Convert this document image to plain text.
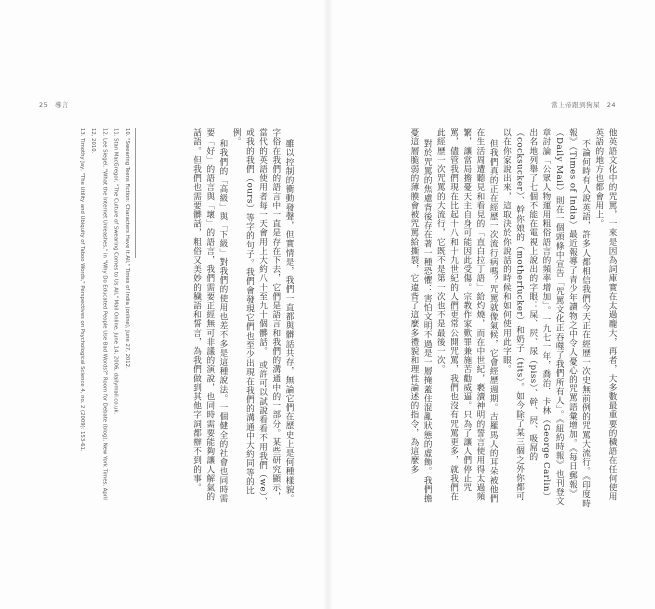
25 導言

雖以控制的衝動發聲，但實情是，我們一直都與髒話共存，無論它們在歷史上是何種樣貌。字俗在我們的語言中一直是存在下去，它們是語言和我們的溝通中的一部分。某些研究顯示，當代的英語使用者每一天會用上大約八十至九十個髒話。　或許可以試說看看不用我們（we）、或我的我們（ours）等字的句子。我們會發現它們也至少出現在我們的溝通中大約同等的比例。

和我們的「高級」與「下級」對我們的使用也差不多是這種說法。一個健全的社會也同時需要「好」的語言與「壞」的語言，我們需要正經無可非議的演說，也同時需要能夠讓人解氣的話語。但我們也需要髒話，粗俗又美妙的穢語和誓言，為我們做到其他字詞都辦不到的事。

10. "Swearing Teens Fiction: Characters Have It All," Times of India (online), June 27, 2012.

11. Stan MacGregor, "The Culture of Swearing Comes to Us All," Mail Online, June 14, 2006, dailymail.co.uk.

12. Lee Siegel, "What the Internet Unleashes," in "Why Do Educated People Use Bad Words?" Room for Debate (blog), New York Times, April 12, 2010.

13. Timothy Jay, "The Utility and Ubiquity of Taboo Words," Perspectives on Psychological Science 4, no. 2 (2009): 153-61.

當上帝跟到狗屎 24

他英語文化中的咒罵，一來是因為詞庫實在太過龐大，再者，大多數最重要的穢語在任何使用英語的地方也都會用上。

不論何時有人說英語，許多人都相信我們今天正在經歷一次史無前例的咒罵大流行。《印度時報》（Times of India）最近報導了青少年讀物之中令人憂心的咒罵語彙增加。《每日郵報》（Daily Mail）則在一個頭條中宣告「咒罵文化正吞噬了我們所有人」。《紐約時報》也刊登文章討論「公眾人物運用粗俗語言的頻率增加」。一九七一年，喬治．卡林（George Carlin）出名地列舉了七個不能在電視上說出的字眼：屎、屄、尿（piss）、幹、屄、吸屌的（cocksucker）、幹你娘的（motherfucker）和奶子（tits）。如今除了某三個之外你都可以在你家說出來，這取決於你說話的時候和如何使用此字眼。

但我們真的正在經歷一次流行病嗎？咒罵就像氣候，它會經歷週期。古羅馬人的耳朵被他們在生活周遭聽見和看見的「直白拉丁語」給灼燒，而在中世紀，褻瀆神明的誓言使用得太過頻繁，讓當局擔憂天主自身可能因此受傷。宗教作家歎罪兼施苦勸威逼。只為了讓人們停止咒罵，儘管我們現在比起十八和十九世紀的人們更常公開咒罵，我們也沒有咒罵更多，就我們在此經歷一次咒罵的大流行，它既不是第一次也不是最後一次。

對於咒罵的焦慮背後存在著一種恐懼：害怕文明不過是一層掩蓋住混亂狀態的虛飾。我們擔憂這層脆弱的薄膜會被咒罵給撕裂，它違背了這麼多禮貌和理性論述的指令，為這麼多
